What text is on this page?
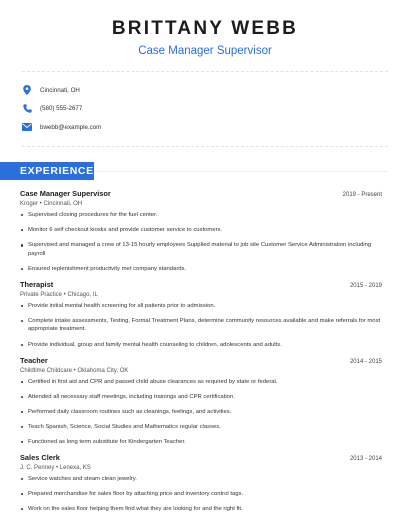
BRITTANY WEBB
Case Manager Supervisor
Cincinnati, OH
(580) 555-2677
bwebb@example.com
EXPERIENCE
Case Manager Supervisor	2019 - Present
Kroger • Cincinnati, OH
Supervised closing procedures for the fuel center.
Monitor 6 self checkout kiosks and provide customer service to customers.
Supervised and managed a crew of 13-15 hourly employees Supplied material to job site Customer Service Administration including payroll
Ensured replenishment productivity met company standards.
Therapist	2015 - 2019
Private Practice • Chicago, IL
Provide initial mental health screening for all patients prior to admission.
Complete intake assessments, Testing, Formal Treatment Plans, determine community resources available and make referrals for most appropriate treatment.
Provide individual, group and family mental health counseling to children, adolescents and adults.
Teacher	2014 - 2015
Childtime Childcare • Oklahoma City, OK
Certified in first aid and CPR and passed child abuse clearances as required by state or federal.
Attended all necessary staff meetings, including trainings and CPR certification.
Performed daily classroom routines such as cleanings, feelings, and activities.
Teach Spanish, Science, Social Studies and Mathematics regular classes.
Functioned as long term substitute for Kindergarten Teacher.
Sales Clerk	2013 - 2014
J. C. Penney • Lenexa, KS
Service watches and steam clean jewelry.
Prepared merchandise for sales floor by attaching price and inventory control tags.
Work on the sales floor helping them find what they are looking for and the right fit.
